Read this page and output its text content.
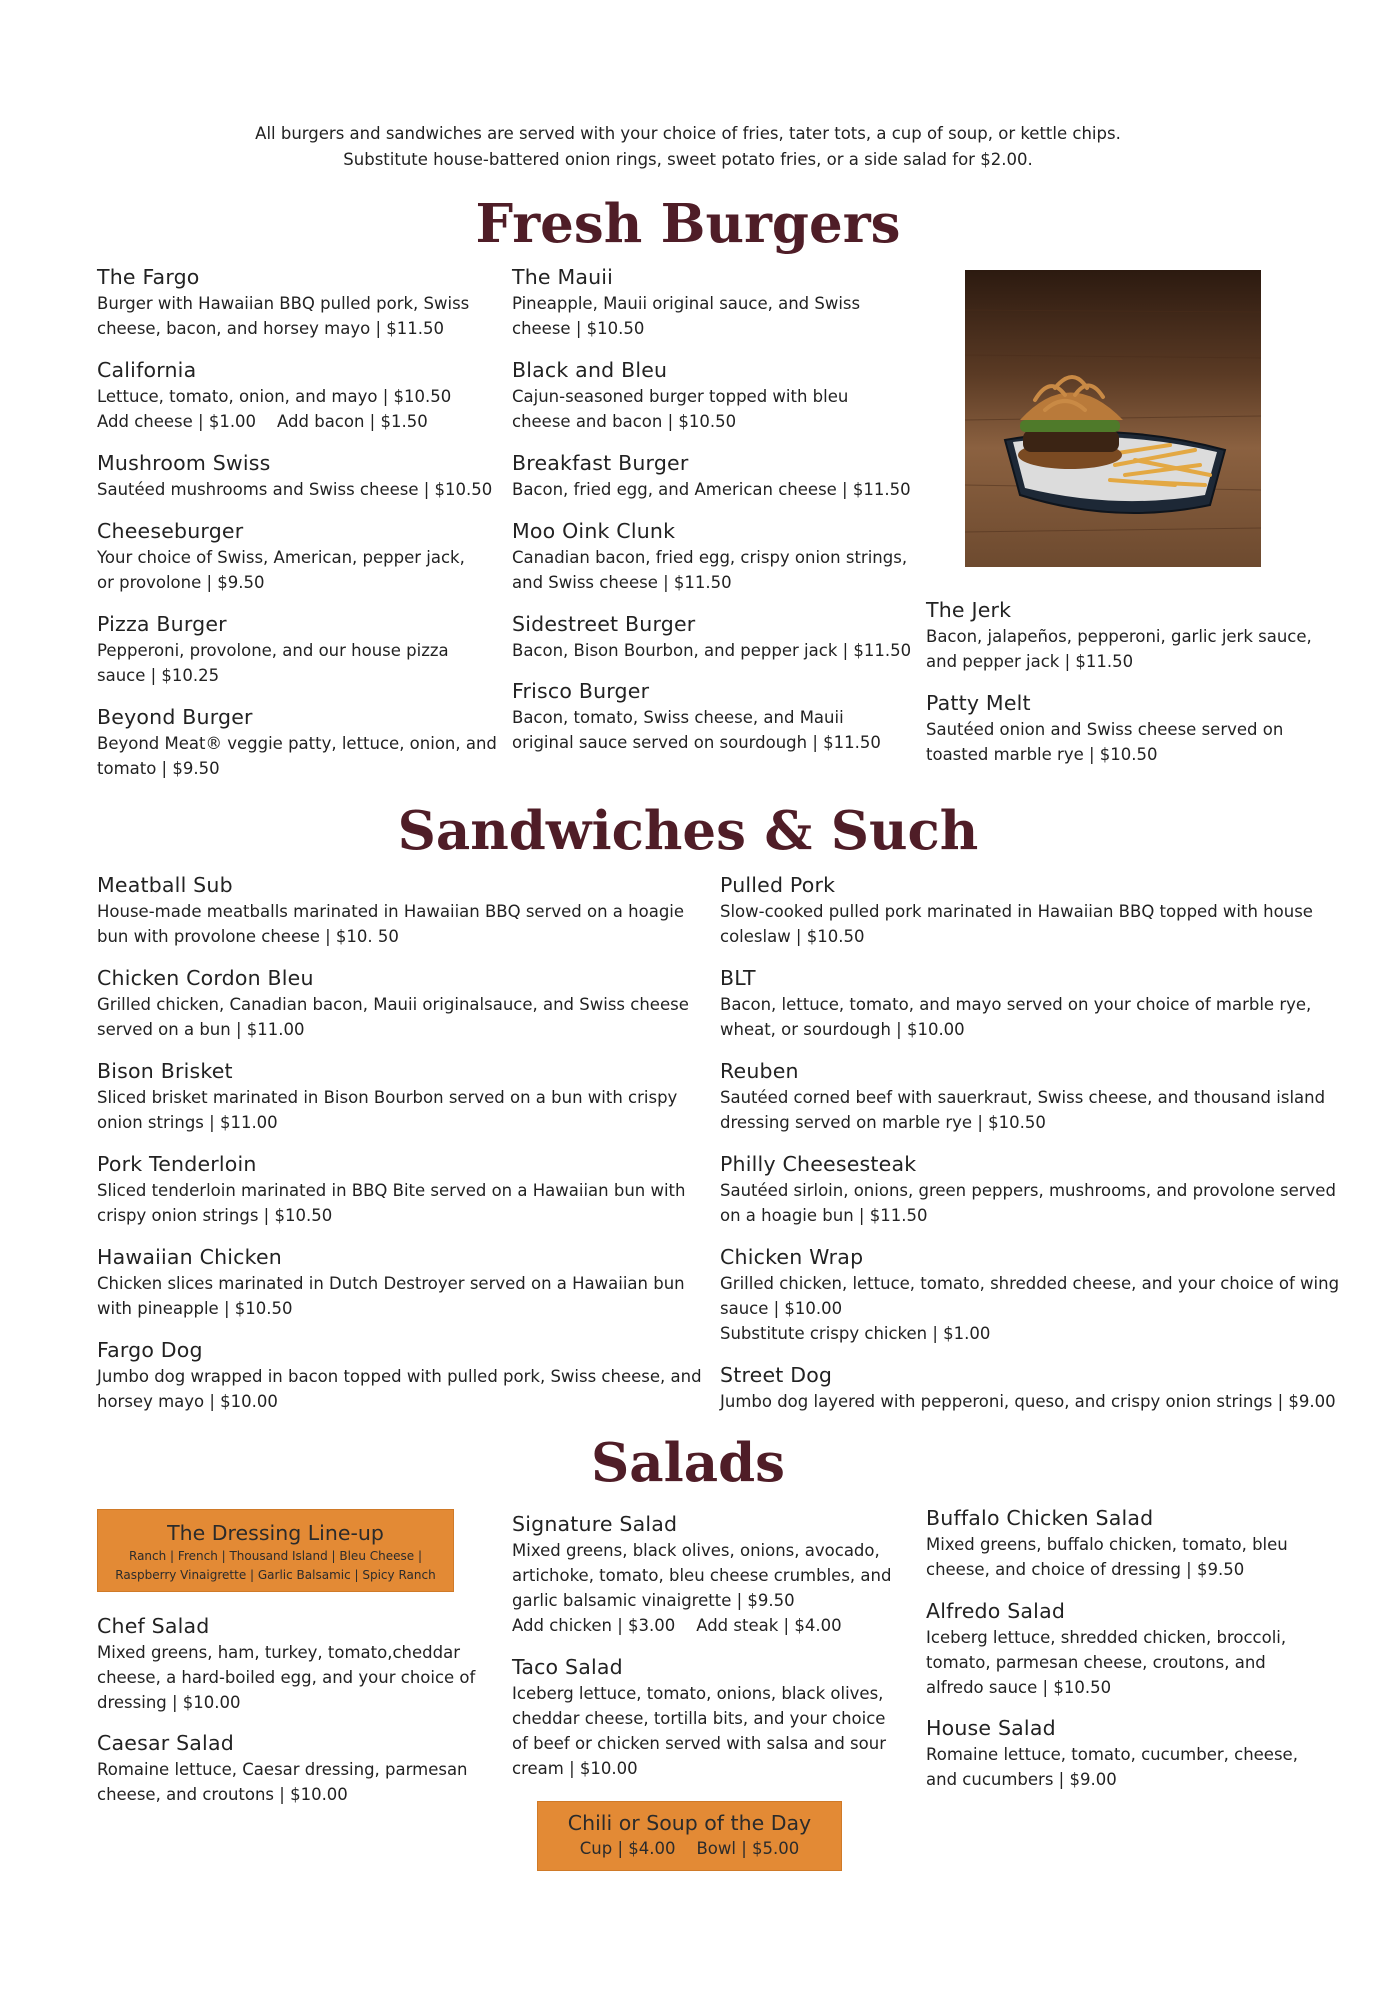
All burgers and sandwiches are served with your choice of fries, tater tots, a cup of soup, or kettle chips.
Substitute house-battered onion rings, sweet potato fries, or a side salad for $2.00.
Fresh Burgers
Sandwiches & Such
Salads
The Fargo
Burger with Hawaiian BBQ pulled pork, Swiss
cheese, bacon, and horsey mayo | $11.50
California
Lettuce, tomato, onion, and mayo | $10.50
Add cheese | $1.00    Add bacon | $1.50
Mushroom Swiss
Sautéed mushrooms and Swiss cheese | $10.50
Cheeseburger
Your choice of Swiss, American, pepper jack,
or provolone | $9.50
Pizza Burger
Pepperoni, provolone, and our house pizza
sauce | $10.25
Beyond Burger
Beyond Meat® veggie patty, lettuce, onion, and
tomato | $9.50
The Mauii
Pineapple, Mauii original sauce, and Swiss
cheese | $10.50
Black and Bleu
Cajun-seasoned burger topped with bleu
cheese and bacon | $10.50
Breakfast Burger
Bacon, fried egg, and American cheese | $11.50
Moo Oink Clunk
Canadian bacon, fried egg, crispy onion strings,
and Swiss cheese | $11.50
Sidestreet Burger
Bacon, Bison Bourbon, and pepper jack | $11.50
Frisco Burger
Bacon, tomato, Swiss cheese, and Mauii
original sauce served on sourdough | $11.50
The Jerk
Bacon, jalapeños, pepperoni, garlic jerk sauce,
and pepper jack | $11.50
Patty Melt
Sautéed onion and Swiss cheese served on
toasted marble rye | $10.50
Meatball Sub
House-made meatballs marinated in Hawaiian BBQ served on a hoagie
bun with provolone cheese | $10. 50
Chicken Cordon Bleu
Grilled chicken, Canadian bacon, Mauii originalsauce, and Swiss cheese
served on a bun | $11.00
Bison Brisket
Sliced brisket marinated in Bison Bourbon served on a bun with crispy
onion strings | $11.00
Pork Tenderloin
Sliced tenderloin marinated in BBQ Bite served on a Hawaiian bun with
crispy onion strings | $10.50
Hawaiian Chicken
Chicken slices marinated in Dutch Destroyer served on a Hawaiian bun
with pineapple | $10.50
Fargo Dog
Jumbo dog wrapped in bacon topped with pulled pork, Swiss cheese, and
horsey mayo | $10.00
Pulled Pork
Slow-cooked pulled pork marinated in Hawaiian BBQ topped with house
coleslaw | $10.50
BLT
Bacon, lettuce, tomato, and mayo served on your choice of marble rye,
wheat, or sourdough | $10.00
Reuben
Sautéed corned beef with sauerkraut, Swiss cheese, and thousand island
dressing served on marble rye | $10.50
Philly Cheesesteak
Sautéed sirloin, onions, green peppers, mushrooms, and provolone served
on a hoagie bun | $11.50
Chicken Wrap
Grilled chicken, lettuce, tomato, shredded cheese, and your choice of wing
sauce | $10.00
Substitute crispy chicken | $1.00
Street Dog
Jumbo dog layered with pepperoni, queso, and crispy onion strings | $9.00
The Dressing Line-up
Ranch | French | Thousand Island | Bleu Cheese |
Raspberry Vinaigrette | Garlic Balsamic | Spicy Ranch
Chef Salad
Mixed greens, ham, turkey, tomato,cheddar
cheese, a hard-boiled egg, and your choice of
dressing | $10.00
Caesar Salad
Romaine lettuce, Caesar dressing, parmesan
cheese, and croutons | $10.00
Signature Salad
Mixed greens, black olives, onions, avocado,
artichoke, tomato, bleu cheese crumbles, and
garlic balsamic vinaigrette | $9.50
Add chicken | $3.00    Add steak | $4.00
Taco Salad
Iceberg lettuce, tomato, onions, black olives,
cheddar cheese, tortilla bits, and your choice
of beef or chicken served with salsa and sour
cream | $10.00
Chili or Soup of the Day
Cup | $4.00    Bowl | $5.00
Buffalo Chicken Salad
Mixed greens, buffalo chicken, tomato, bleu
cheese, and choice of dressing | $9.50
Alfredo Salad
Iceberg lettuce, shredded chicken, broccoli,
tomato, parmesan cheese, croutons, and
alfredo sauce | $10.50
House Salad
Romaine lettuce, tomato, cucumber, cheese,
and cucumbers | $9.00
